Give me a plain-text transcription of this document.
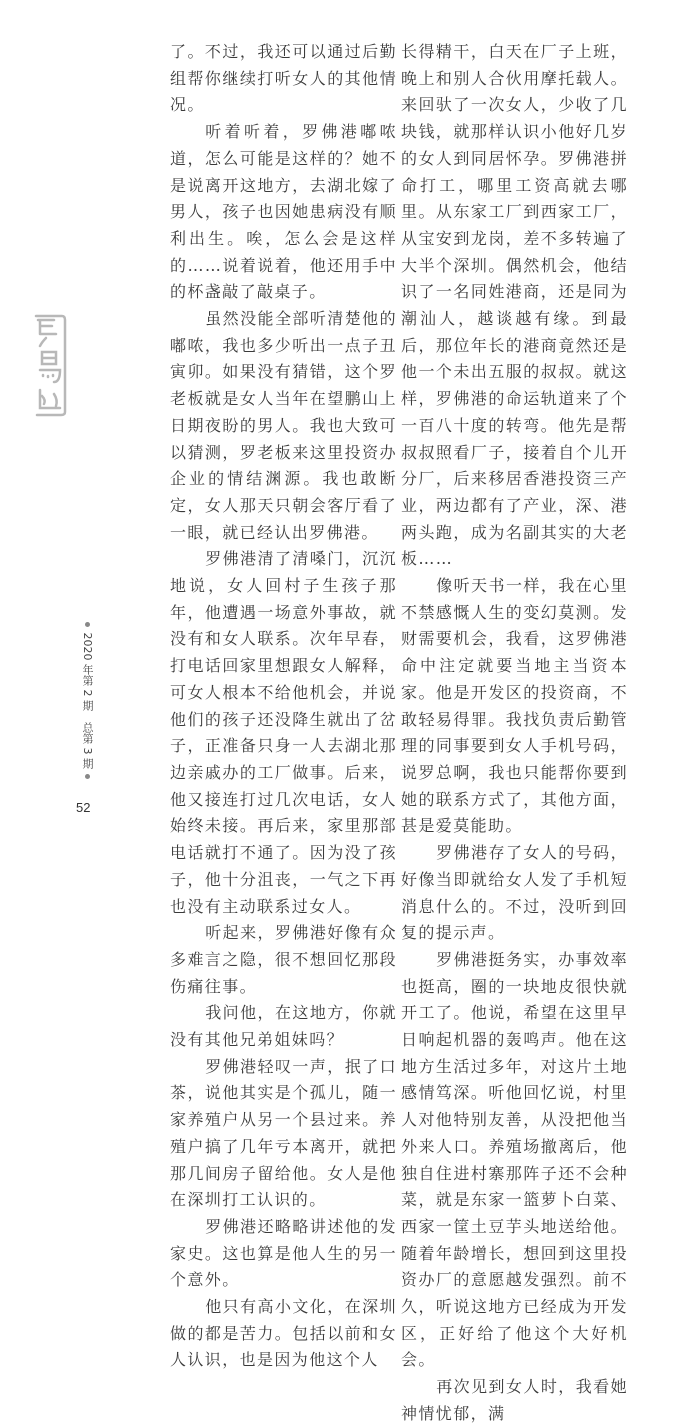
2020 年第 2 期　总第 3 期
52

了。不过，我还可以通过后勤组帮你继续打听女人的其他情况。

听着听着，罗佛港嘟哝道，怎么可能是这样的？她不是说离开这地方，去湖北嫁了男人，孩子也因她患病没有顺利出生。唉，怎么会是这样的……说着说着，他还用手中的杯盏敲了敲桌子。

虽然没能全部听清楚他的嘟哝，我也多少听出一点子丑寅卯。如果没有猜错，这个罗老板就是女人当年在望鹏山上日期夜盼的男人。我也大致可以猜测，罗老板来这里投资办企业的情结渊源。我也敢断定，女人那天只朝会客厅看了一眼，就已经认出罗佛港。

罗佛港清了清嗓门，沉沉地说，女人回村子生孩子那年，他遭遇一场意外事故，就没有和女人联系。次年早春，打电话回家里想跟女人解释，可女人根本不给他机会，并说他们的孩子还没降生就出了岔子，正准备只身一人去湖北那边亲戚办的工厂做事。后来，他又接连打过几次电话，女人始终未接。再后来，家里那部电话就打不通了。因为没了孩子，他十分沮丧，一气之下再也没有主动联系过女人。

听起来，罗佛港好像有众多难言之隐，很不想回忆那段伤痛往事。

我问他，在这地方，你就没有其他兄弟姐妹吗？

罗佛港轻叹一声，抿了口茶，说他其实是个孤儿，随一家养殖户从另一个县过来。养殖户搞了几年亏本离开，就把那几间房子留给他。女人是他在深圳打工认识的。

罗佛港还略略讲述他的发家史。这也算是他人生的另一个意外。

他只有高小文化，在深圳做的都是苦力。包括以前和女人认识，也是因为他这个人

长得精干，白天在厂子上班，晚上和别人合伙用摩托载人。来回驮了一次女人，少收了几块钱，就那样认识小他好几岁的女人到同居怀孕。罗佛港拼命打工，哪里工资高就去哪里。从东家工厂到西家工厂，从宝安到龙岗，差不多转遍了大半个深圳。偶然机会，他结识了一名同姓港商，还是同为潮汕人，越谈越有缘。到最后，那位年长的港商竟然还是他一个未出五服的叔叔。就这样，罗佛港的命运轨道来了个一百八十度的转弯。他先是帮叔叔照看厂子，接着自个儿开分厂，后来移居香港投资三产业，两边都有了产业，深、港两头跑，成为名副其实的大老板……

像听天书一样，我在心里不禁感慨人生的变幻莫测。发财需要机会，我看，这罗佛港命中注定就要当地主当资本家。他是开发区的投资商，不敢轻易得罪。我找负责后勤管理的同事要到女人手机号码，说罗总啊，我也只能帮你要到她的联系方式了，其他方面，甚是爱莫能助。

罗佛港存了女人的号码，好像当即就给女人发了手机短消息什么的。不过，没听到回复的提示声。

罗佛港挺务实，办事效率也挺高，圈的一块地皮很快就开工了。他说，希望在这里早日响起机器的轰鸣声。他在这地方生活过多年，对这片土地感情笃深。听他回忆说，村里人对他特别友善，从没把他当外来人口。养殖场撤离后，他独自住进村寨那阵子还不会种菜，就是东家一篮萝卜白菜、西家一筐土豆芋头地送给他。随着年龄增长，想回到这里投资办厂的意愿越发强烈。前不久，听说这地方已经成为开发区，正好给了他这个大好机会。

再次见到女人时，我看她神情忧郁，满
